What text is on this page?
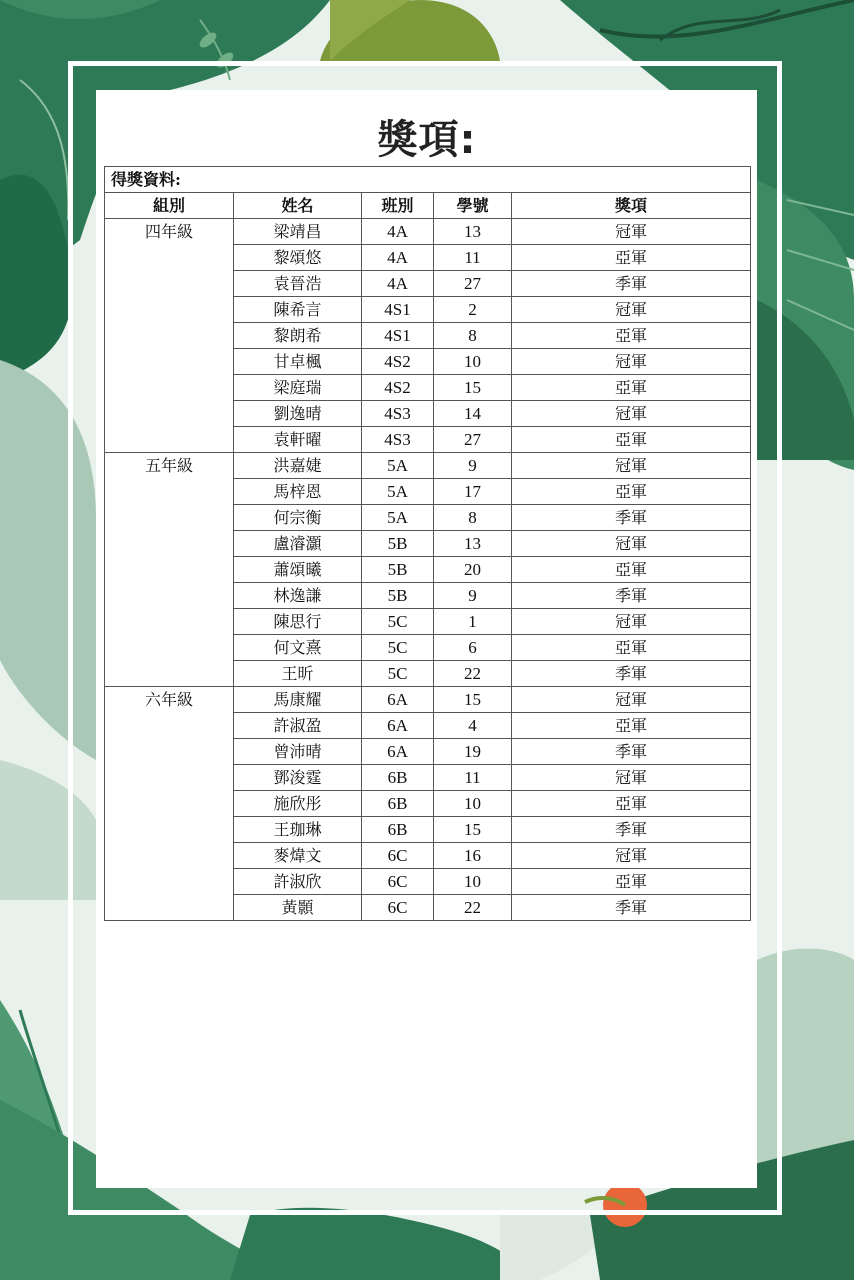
獎項:
得獎資料:				
組別	姓名	班別	學號	獎項
四年級	梁靖昌	4A	13	冠軍
	黎頌悠	4A	11	亞軍
	袁晉浩	4A	27	季軍
	陳希言	4S1	2	冠軍
	黎朗希	4S1	8	亞軍
	甘卓楓	4S2	10	冠軍
	梁庭瑞	4S2	15	亞軍
	劉逸晴	4S3	14	冠軍
	袁軒曜	4S3	27	亞軍
五年級	洪嘉婕	5A	9	冠軍
	馬梓恩	5A	17	亞軍
	何宗衡	5A	8	季軍
	盧濬灝	5B	13	冠軍
	蕭頌曦	5B	20	亞軍
	林逸謙	5B	9	季軍
	陳思行	5C	1	冠軍
	何文熹	5C	6	亞軍
	王昕	5C	22	季軍
六年級	馬康耀	6A	15	冠軍
	許淑盈	6A	4	亞軍
	曾沛晴	6A	19	季軍
	鄧浚霆	6B	11	冠軍
	施欣彤	6B	10	亞軍
	王珈琳	6B	15	季軍
	麥煒文	6C	16	冠軍
	許淑欣	6C	10	亞軍
	黃顥	6C	22	季軍
